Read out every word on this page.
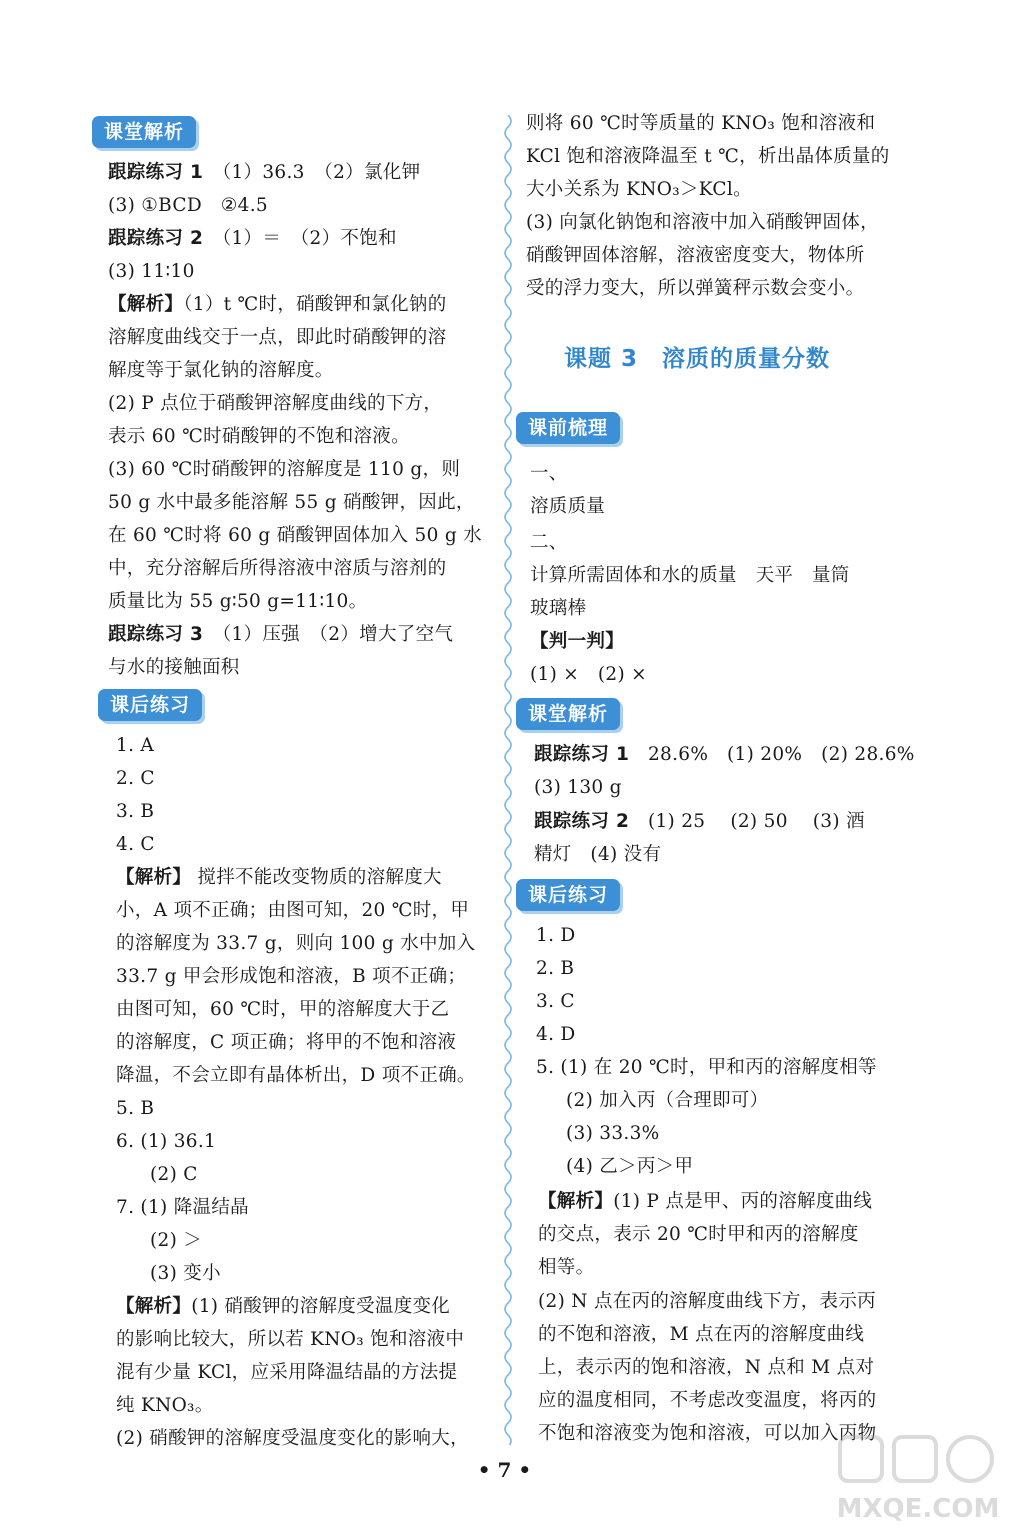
课堂解析
跟踪练习 1　 （1）36.3　（2）氯化钾
(3) ①BCD　②4.5
跟踪练习 2　 （1）＝　（2）不饱和
(3) 11∶10
【解析】（1）t ℃时，硝酸钾和氯化钠的
溶解度曲线交于一点，即此时硝酸钾的溶
解度等于氯化钠的溶解度。
(2) P 点位于硝酸钾溶解度曲线的下方，
表示 60 ℃时硝酸钾的不饱和溶液。
(3) 60 ℃时硝酸钾的溶解度是 110 g，则
50 g 水中最多能溶解 55 g 硝酸钾，因此，
在 60 ℃时将 60 g 硝酸钾固体加入 50 g 水
中，充分溶解后所得溶液中溶质与溶剂的
质量比为 55 g∶50 g=11∶10。
跟踪练习 3　 （1）压强　（2）增大了空气
与水的接触面积
课后练习
1. A
2. C
3. B
4. C
【解析】 搅拌不能改变物质的溶解度大
小，A 项不正确；由图可知，20 ℃时，甲
的溶解度为 33.7 g，则向 100 g 水中加入
33.7 g 甲会形成饱和溶液，B 项不正确；
由图可知，60 ℃时，甲的溶解度大于乙
的溶解度，C 项正确；将甲的不饱和溶液
降温，不会立即有晶体析出，D 项不正确。
5. B
6. (1) 36.1
(2) C
7. (1) 降温结晶
(2) ＞
(3) 变小
【解析】(1) 硝酸钾的溶解度受温度变化
的影响比较大，所以若 KNO₃ 饱和溶液中
混有少量 KCl，应采用降温结晶的方法提
纯 KNO₃。
(2) 硝酸钾的溶解度受温度变化的影响大，
则将 60 ℃时等质量的 KNO₃ 饱和溶液和
KCl 饱和溶液降温至 t ℃，析出晶体质量的
大小关系为 KNO₃＞KCl。
(3) 向氯化钠饱和溶液中加入硝酸钾固体，
硝酸钾固体溶解，溶液密度变大，物体所
受的浮力变大，所以弹簧秤示数会变小。
课题 3　溶质的质量分数
课前梳理
一、
溶质质量
二、
计算所需固体和水的质量　天平　量筒
玻璃棒
【判一判】
(1) ×　(2) ×
课堂解析
跟踪练习 1　 28.6%　(1) 20%　(2) 28.6%
(3) 130 g
跟踪练习 2　 (1) 25　 (2) 50　 (3) 酒
精灯　(4) 没有
课后练习
1. D
2. B
3. C
4. D
5. (1) 在 20 ℃时，甲和丙的溶解度相等
(2) 加入丙（合理即可）
(3) 33.3%
(4) 乙＞丙＞甲
【解析】(1) P 点是甲、丙的溶解度曲线
的交点，表示 20 ℃时甲和丙的溶解度
相等。
(2) N 点在丙的溶解度曲线下方，表示丙
的不饱和溶液，M 点在丙的溶解度曲线
上，表示丙的饱和溶液，N 点和 M 点对
应的温度相同，不考虑改变温度，将丙的
不饱和溶液变为饱和溶液，可以加入丙物
• 7 •
MXQE.COM
